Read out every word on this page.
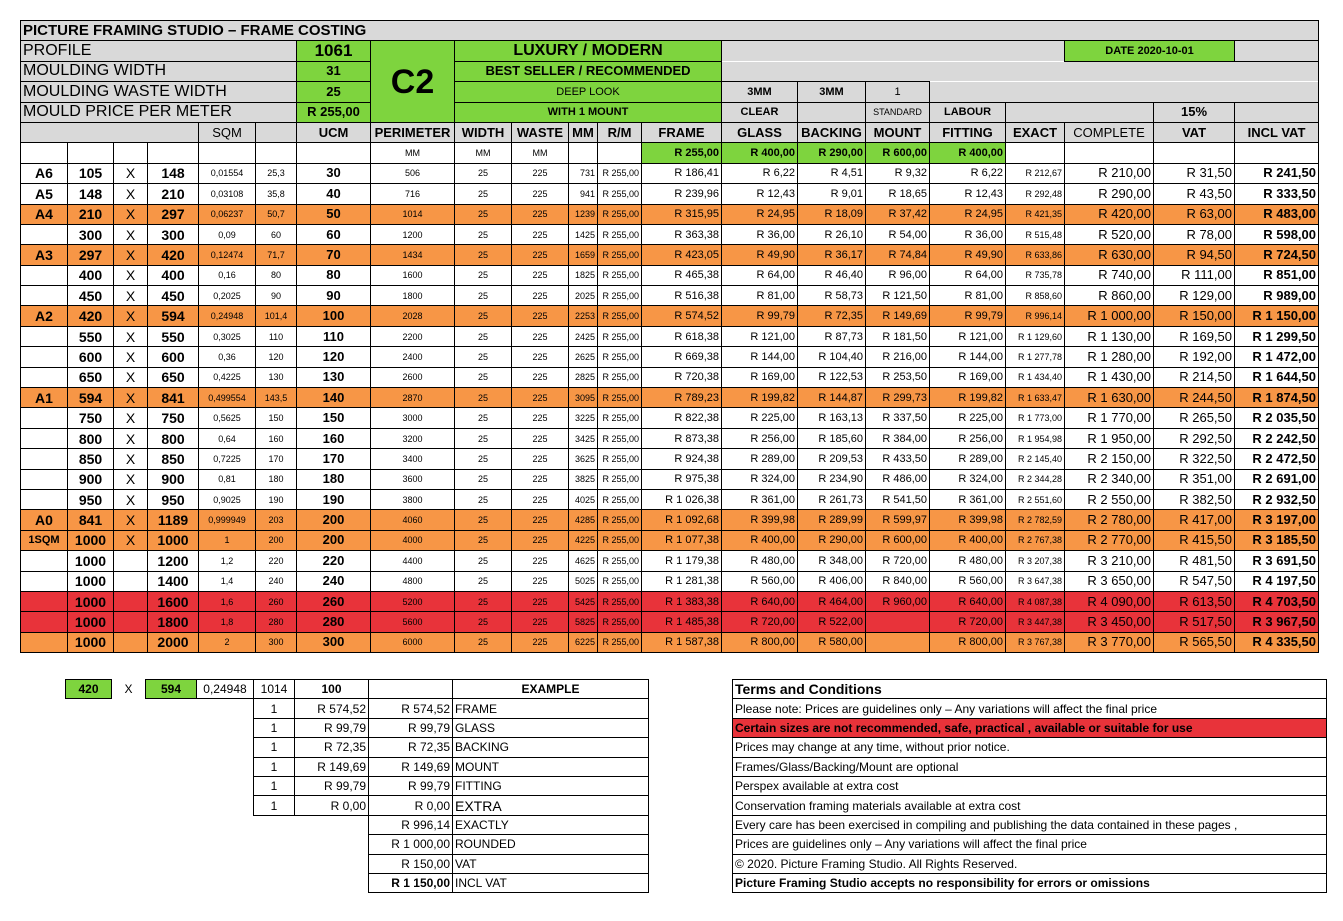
PICTURE FRAMING STUDIO – FRAME COSTING																				
PROFILE						1061	C2	LUXURY / MODERN										DATE 2020-10-01		
MOULDING WIDTH						31		BEST SELLER / RECOMMENDED												
MOULDING WASTE WIDTH						25		DEEP LOOK					3MM	3MM	1					
MOULD PRICE PER METER						R 255,00		WITH 1 MOUNT					CLEAR		STANDARD	LABOUR			15%	
				SQM		UCM	PERIMETER	WIDTH	WASTE	MM	R/M	FRAME	GLASS	BACKING	MOUNT	FITTING	EXACT	COMPLETE	VAT	INCL VAT
							MM	MM	MM			R 255,00	R 400,00	R 290,00	R 600,00	R 400,00				
A6	105	X	148	0,01554	25,3	30	506	25	225	731	R 255,00	R 186,41	R 6,22	R 4,51	R 9,32	R 6,22	R 212,67	R 210,00	R 31,50	R 241,50
A5	148	X	210	0,03108	35,8	40	716	25	225	941	R 255,00	R 239,96	R 12,43	R 9,01	R 18,65	R 12,43	R 292,48	R 290,00	R 43,50	R 333,50
A4	210	X	297	0,06237	50,7	50	1014	25	225	1239	R 255,00	R 315,95	R 24,95	R 18,09	R 37,42	R 24,95	R 421,35	R 420,00	R 63,00	R 483,00
	300	X	300	0,09	60	60	1200	25	225	1425	R 255,00	R 363,38	R 36,00	R 26,10	R 54,00	R 36,00	R 515,48	R 520,00	R 78,00	R 598,00
A3	297	X	420	0,12474	71,7	70	1434	25	225	1659	R 255,00	R 423,05	R 49,90	R 36,17	R 74,84	R 49,90	R 633,86	R 630,00	R 94,50	R 724,50
	400	X	400	0,16	80	80	1600	25	225	1825	R 255,00	R 465,38	R 64,00	R 46,40	R 96,00	R 64,00	R 735,78	R 740,00	R 111,00	R 851,00
	450	X	450	0,2025	90	90	1800	25	225	2025	R 255,00	R 516,38	R 81,00	R 58,73	R 121,50	R 81,00	R 858,60	R 860,00	R 129,00	R 989,00
A2	420	X	594	0,24948	101,4	100	2028	25	225	2253	R 255,00	R 574,52	R 99,79	R 72,35	R 149,69	R 99,79	R 996,14	R 1 000,00	R 150,00	R 1 150,00
	550	X	550	0,3025	110	110	2200	25	225	2425	R 255,00	R 618,38	R 121,00	R 87,73	R 181,50	R 121,00	R 1 129,60	R 1 130,00	R 169,50	R 1 299,50
	600	X	600	0,36	120	120	2400	25	225	2625	R 255,00	R 669,38	R 144,00	R 104,40	R 216,00	R 144,00	R 1 277,78	R 1 280,00	R 192,00	R 1 472,00
	650	X	650	0,4225	130	130	2600	25	225	2825	R 255,00	R 720,38	R 169,00	R 122,53	R 253,50	R 169,00	R 1 434,40	R 1 430,00	R 214,50	R 1 644,50
A1	594	X	841	0,499554	143,5	140	2870	25	225	3095	R 255,00	R 789,23	R 199,82	R 144,87	R 299,73	R 199,82	R 1 633,47	R 1 630,00	R 244,50	R 1 874,50
	750	X	750	0,5625	150	150	3000	25	225	3225	R 255,00	R 822,38	R 225,00	R 163,13	R 337,50	R 225,00	R 1 773,00	R 1 770,00	R 265,50	R 2 035,50
	800	X	800	0,64	160	160	3200	25	225	3425	R 255,00	R 873,38	R 256,00	R 185,60	R 384,00	R 256,00	R 1 954,98	R 1 950,00	R 292,50	R 2 242,50
	850	X	850	0,7225	170	170	3400	25	225	3625	R 255,00	R 924,38	R 289,00	R 209,53	R 433,50	R 289,00	R 2 145,40	R 2 150,00	R 322,50	R 2 472,50
	900	X	900	0,81	180	180	3600	25	225	3825	R 255,00	R 975,38	R 324,00	R 234,90	R 486,00	R 324,00	R 2 344,28	R 2 340,00	R 351,00	R 2 691,00
	950	X	950	0,9025	190	190	3800	25	225	4025	R 255,00	R 1 026,38	R 361,00	R 261,73	R 541,50	R 361,00	R 2 551,60	R 2 550,00	R 382,50	R 2 932,50
A0	841	X	1189	0,999949	203	200	4060	25	225	4285	R 255,00	R 1 092,68	R 399,98	R 289,99	R 599,97	R 399,98	R 2 782,59	R 2 780,00	R 417,00	R 3 197,00
1SQM	1000	X	1000	1	200	200	4000	25	225	4225	R 255,00	R 1 077,38	R 400,00	R 290,00	R 600,00	R 400,00	R 2 767,38	R 2 770,00	R 415,50	R 3 185,50
	1000		1200	1,2	220	220	4400	25	225	4625	R 255,00	R 1 179,38	R 480,00	R 348,00	R 720,00	R 480,00	R 3 207,38	R 3 210,00	R 481,50	R 3 691,50
	1000		1400	1,4	240	240	4800	25	225	5025	R 255,00	R 1 281,38	R 560,00	R 406,00	R 840,00	R 560,00	R 3 647,38	R 3 650,00	R 547,50	R 4 197,50
	1000		1600	1,6	260	260	5200	25	225	5425	R 255,00	R 1 383,38	R 640,00	R 464,00	R 960,00	R 640,00	R 4 087,38	R 4 090,00	R 613,50	R 4 703,50
	1000		1800	1,8	280	280	5600	25	225	5825	R 255,00	R 1 485,38	R 720,00	R 522,00		R 720,00	R 3 447,38	R 3 450,00	R 517,50	R 3 967,50
	1000		2000	2	300	300	6000	25	225	6225	R 255,00	R 1 587,38	R 800,00	R 580,00		R 800,00	R 3 767,38	R 3 770,00	R 565,50	R 4 335,50
420	X	594	0,24948	1014	100		EXAMPLE
				1	R 574,52	R 574,52	FRAME
				1	R 99,79	R 99,79	GLASS
				1	R 72,35	R 72,35	BACKING
				1	R 149,69	R 149,69	MOUNT
				1	R 99,79	R 99,79	FITTING
				1	R 0,00	R 0,00	EXTRA
						R 996,14	EXACTLY
						R 1 000,00	ROUNDED
						R 150,00	VAT
						R 1 150,00	INCL VAT
Terms and Conditions
Please note: Prices are guidelines only – Any variations will affect the final price
Certain sizes are not recommended, safe, practical , available or suitable for use
Prices may change at any time, without prior notice.
Frames/Glass/Backing/Mount are optional
Perspex available at extra cost
Conservation framing materials available at extra cost
Every care has been exercised in compiling and publishing the data contained in these pages ,
Prices are guidelines only – Any variations will affect the final price
© 2020. Picture Framing Studio. All Rights Reserved.
Picture Framing Studio accepts no responsibility for errors or omissions
